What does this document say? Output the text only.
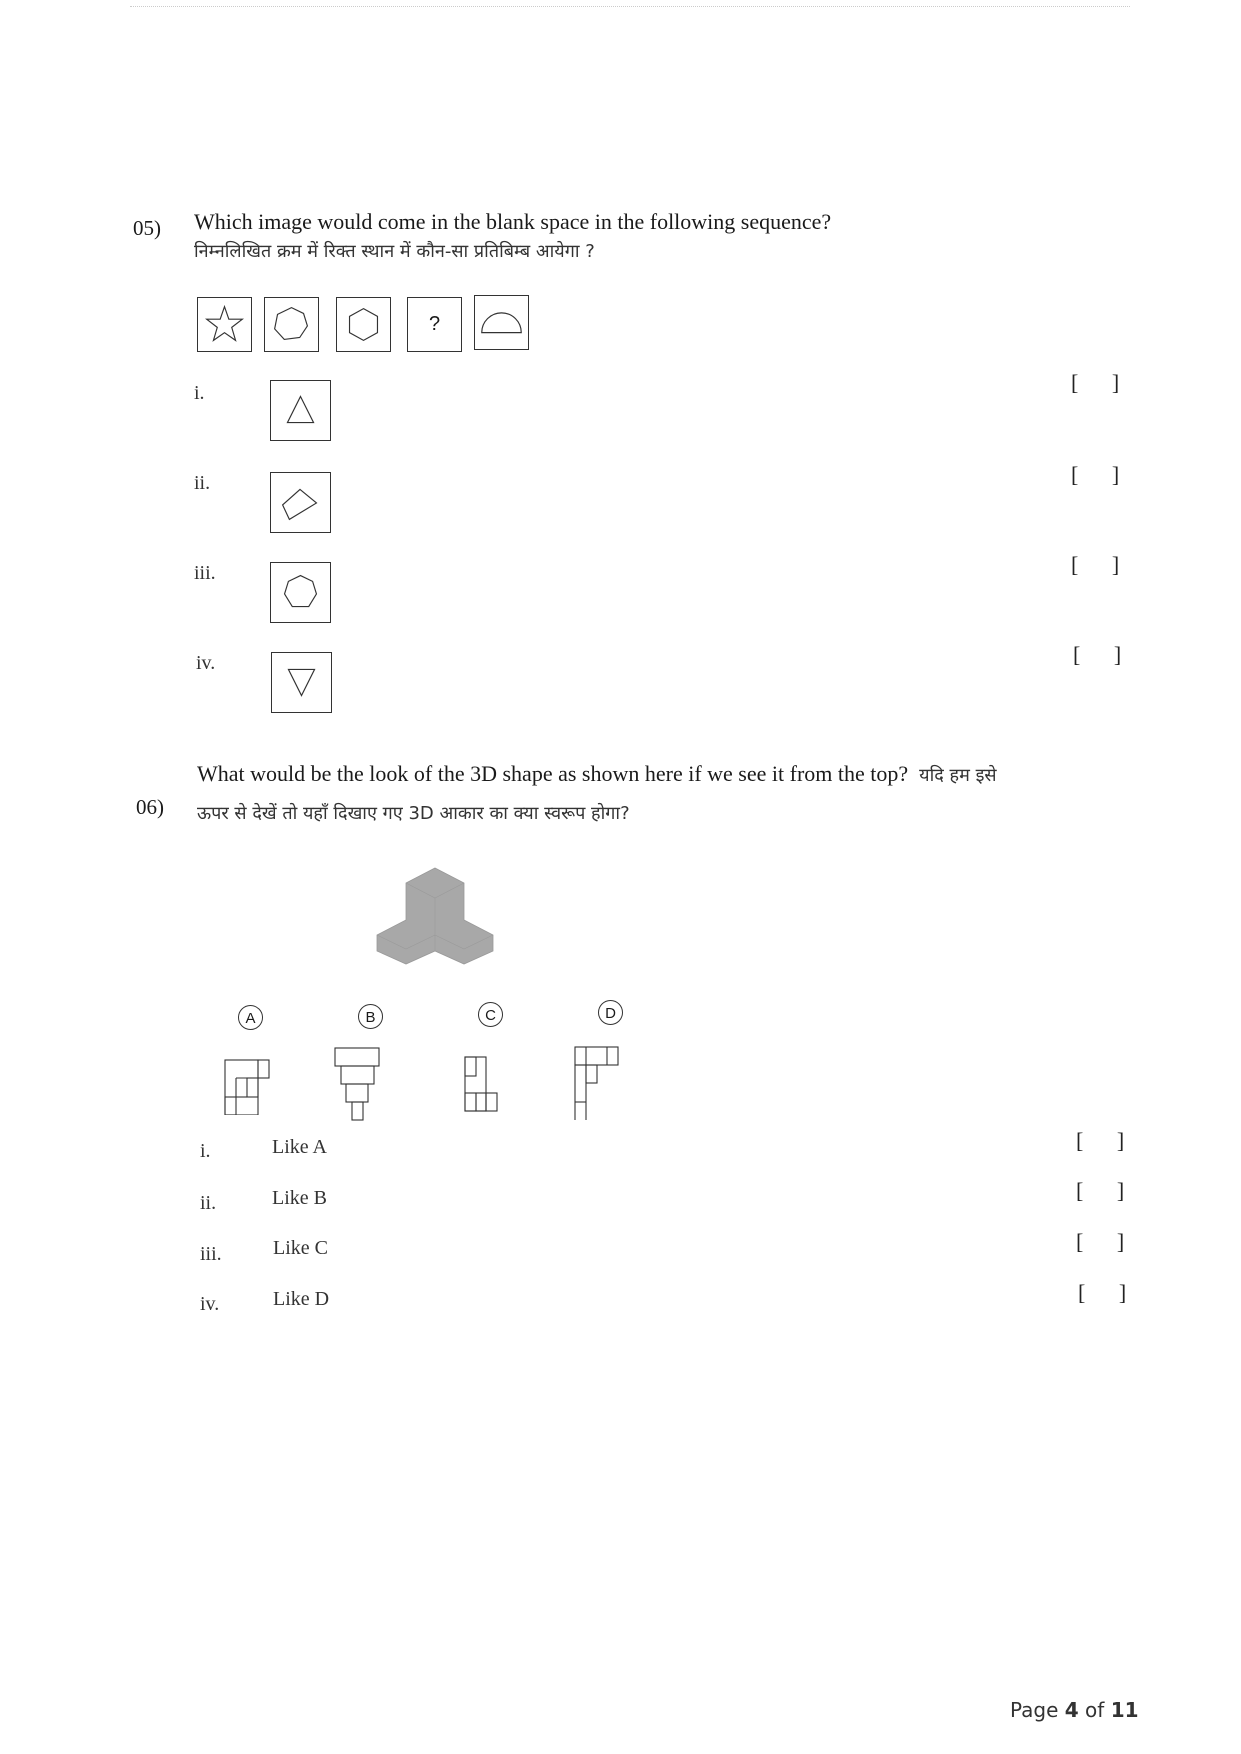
05) Which image would come in the blank space in the following sequence?
निम्नलिखित क्रम में रिक्त स्थान में कौन-सा प्रतिबिम्ब आयेगा ?
?
i.	[ ]
ii.	[ ]
iii.	[ ]
iv.	[ ]
What would be the look of the 3D shape as shown here if we see it from the top? यदि हम इसे
06) ऊपर से देखें तो यहाँ दिखाए गए 3D आकार का क्या स्वरूप होगा?
A	B	C	D
i.	Like A	[ ]
ii.	Like B	[ ]
iii.	Like C	[ ]
iv.	Like D	[ ]
Page 4 of 11
